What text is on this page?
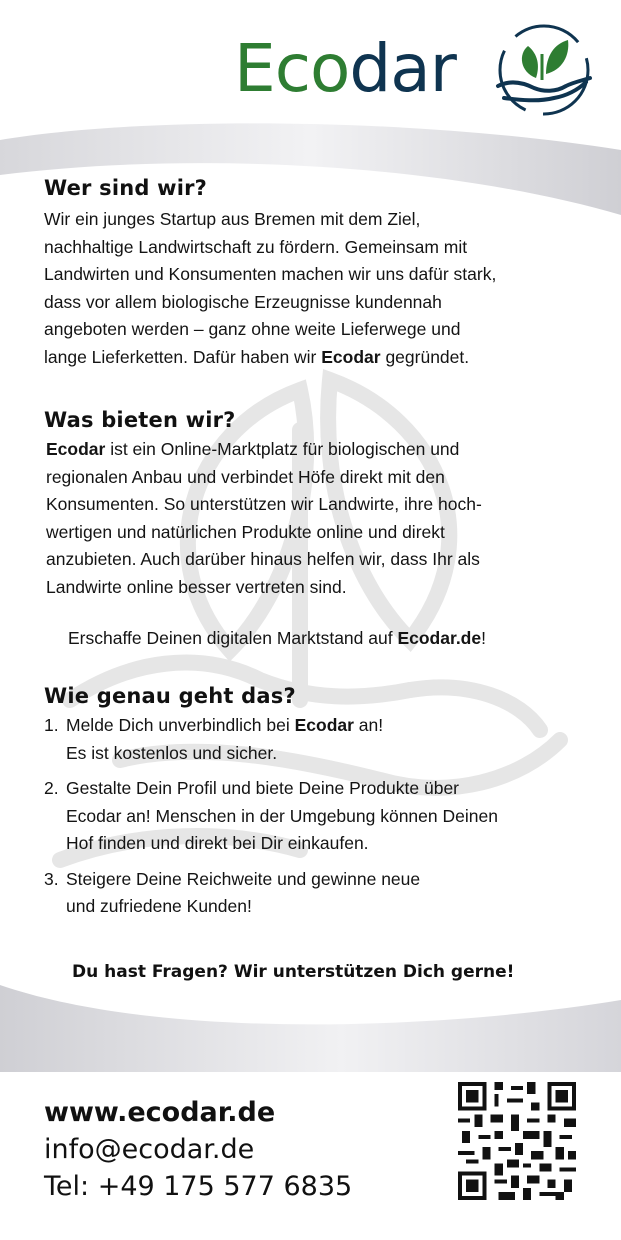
Ecodar
Wer sind wir?

Wir ein junges Startup aus Bremen mit dem Ziel,
nachhaltige Landwirtschaft zu fördern. Gemeinsam mit
Landwirten und Konsumenten machen wir uns dafür stark,
dass vor allem biologische Erzeugnisse kundennah
angeboten werden – ganz ohne weite Lieferwege und
lange Lieferketten. Dafür haben wir Ecodar gegründet.

Was bieten wir?

Ecodar ist ein Online-Marktplatz für biologischen und
regionalen Anbau und verbindet Höfe direkt mit den
Konsumenten. So unterstützen wir Landwirte, ihre hoch-
wertigen und natürlichen Produkte online und direkt
anzubieten. Auch darüber hinaus helfen wir, dass Ihr als
Landwirte online besser vertreten sind.

Erschaffe Deinen digitalen Marktstand auf Ecodar.de!
Wie genau geht das?
1. Melde Dich unverbindlich bei Ecodar an!
Es ist kostenlos und sicher.
2. Gestalte Dein Profil und biete Deine Produkte über
Ecodar an! Menschen in der Umgebung können Deinen
Hof finden und direkt bei Dir einkaufen.
3. Steigere Deine Reichweite und gewinne neue
und zufriedene Kunden!
Du hast Fragen? Wir unterstützen Dich gerne!
www.ecodar.de
info@ecodar.de
Tel: +49 175 577 6835
